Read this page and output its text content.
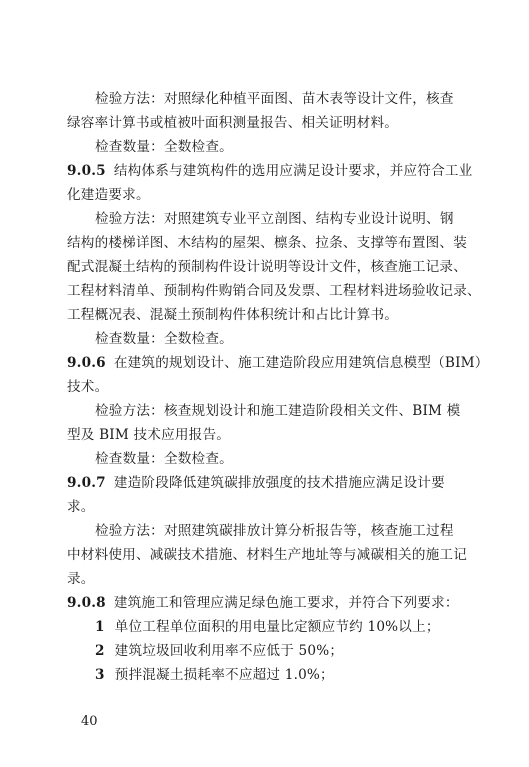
检验方法：对照绿化种植平面图、苗木表等设计文件，核查
绿容率计算书或植被叶面积测量报告、相关证明材料。
检查数量：全数检查。
9.0.5 结构体系与建筑构件的选用应满足设计要求，并应符合工业
化建造要求。
检验方法：对照建筑专业平立剖图、结构专业设计说明、钢
结构的楼梯详图、木结构的屋架、檩条、拉条、支撑等布置图、装
配式混凝土结构的预制构件设计说明等设计文件，核查施工记录、
工程材料清单、预制构件购销合同及发票、工程材料进场验收记录、
工程概况表、混凝土预制构件体积统计和占比计算书。
检查数量：全数检查。
9.0.6 在建筑的规划设计、施工建造阶段应用建筑信息模型（BIM）
技术。
检验方法：核查规划设计和施工建造阶段相关文件、BIM 模
型及 BIM 技术应用报告。
检查数量：全数检查。
9.0.7 建造阶段降低建筑碳排放强度的技术措施应满足设计要
求。
检验方法：对照建筑碳排放计算分析报告等，核查施工过程
中材料使用、减碳技术措施、材料生产地址等与减碳相关的施工记
录。
9.0.8 建筑施工和管理应满足绿色施工要求，并符合下列要求：
1 单位工程单位面积的用电量比定额应节约 10%以上；
2 建筑垃圾回收利用率不应低于 50%；
3 预拌混凝土损耗率不应超过 1.0%；
40
